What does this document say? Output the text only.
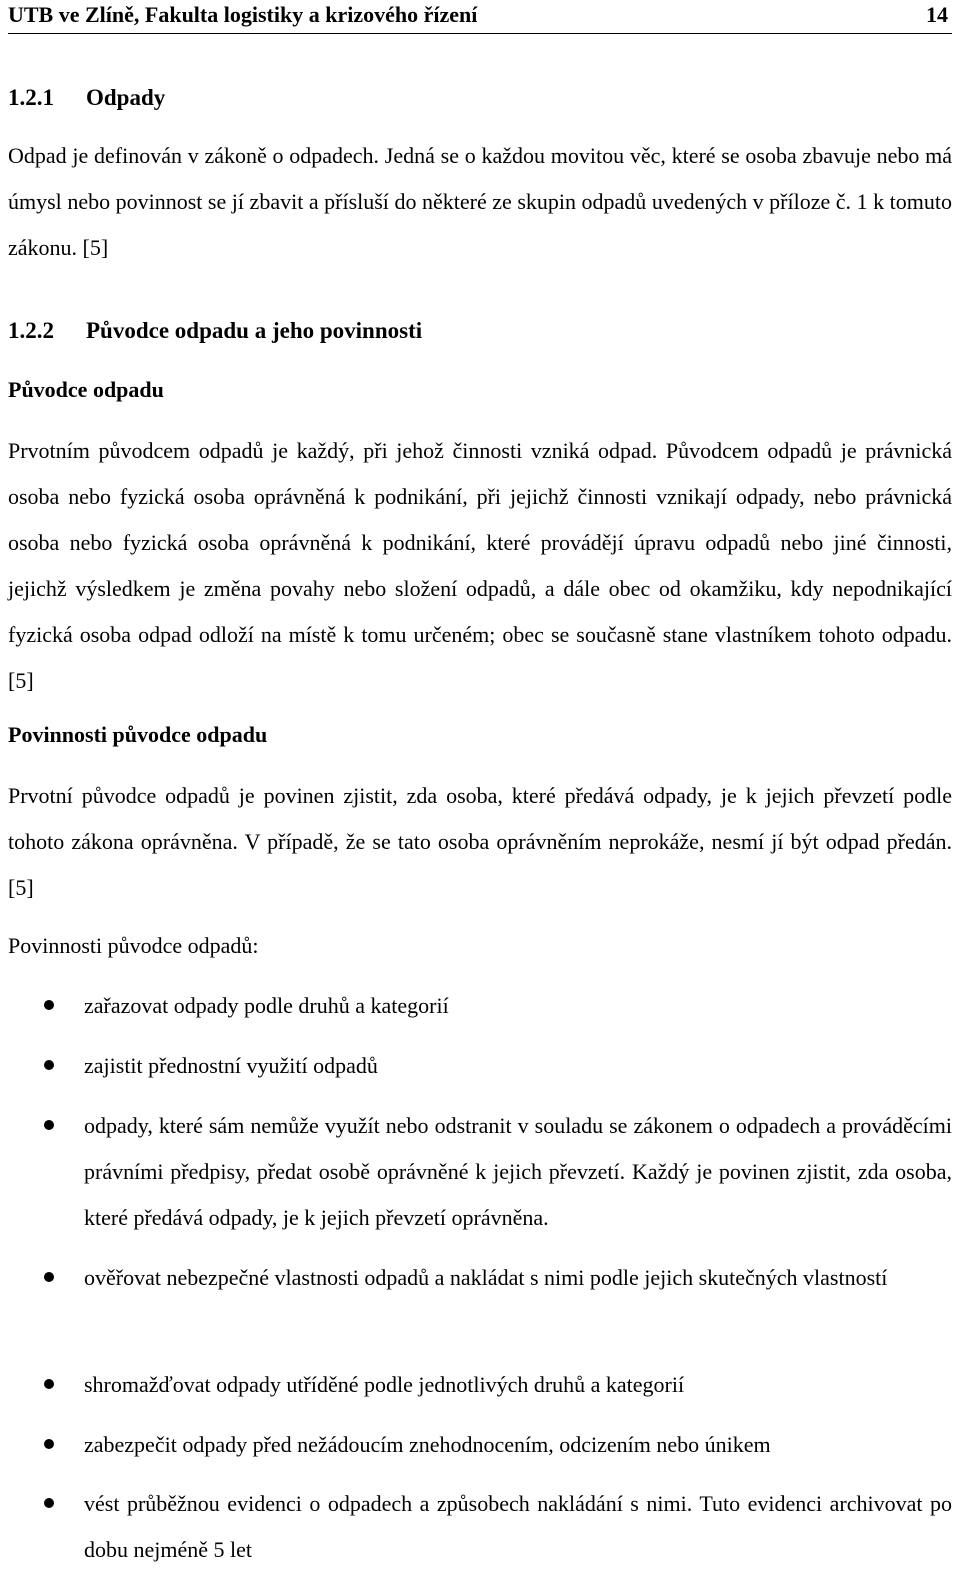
UTB ve Zlíně, Fakulta logistiky a krizového řízení	14
1.2.1 Odpady

Odpad je definován v zákoně o odpadech. Jedná se o každou movitou věc, které se osoba zbavuje nebo má úmysl nebo povinnost se jí zbavit a přísluší do některé ze skupin odpadů uvedených v příloze č. 1 k tomuto zákonu. [5]

1.2.2 Původce odpadu a jeho povinnosti
Původce odpadu

Prvotním původcem odpadů je každý, při jehož činnosti vzniká odpad. Původcem odpadů je právnická osoba nebo fyzická osoba oprávněná k podnikání, při jejichž činnosti vznikají odpady, nebo právnická osoba nebo fyzická osoba oprávněná k podnikání, které provádějí úpravu odpadů nebo jiné činnosti, jejichž výsledkem je změna povahy nebo složení odpadů, a dále obec od okamžiku, kdy nepodnikající fyzická osoba odpad odloží na místě k tomu určeném; obec se současně stane vlastníkem tohoto odpadu. [5]

Povinnosti původce odpadu

Prvotní původce odpadů je povinen zjistit, zda osoba, které předává odpady, je k jejich převzetí podle tohoto zákona oprávněna. V případě, že se tato osoba oprávněním neprokáže, nesmí jí být odpad předán. [5]

Povinnosti původce odpadů:

zařazovat odpady podle druhů a kategorií
zajistit přednostní využití odpadů
odpady, které sám nemůže využít nebo odstranit v souladu se zákonem o odpadech a prováděcími právními předpisy, předat osobě oprávněné k jejich převzetí. Každý je povinen zjistit, zda osoba, které předává odpady, je k jejich převzetí oprávněna.
ověřovat nebezpečné vlastnosti odpadů a nakládat s nimi podle jejich skutečných vlastností
shromažďovat odpady utříděné podle jednotlivých druhů a kategorií
zabezpečit odpady před nežádoucím znehodnocením, odcizením nebo únikem
vést průběžnou evidenci o odpadech a způsobech nakládání s nimi. Tuto evidenci archivovat po dobu nejméně 5 let
